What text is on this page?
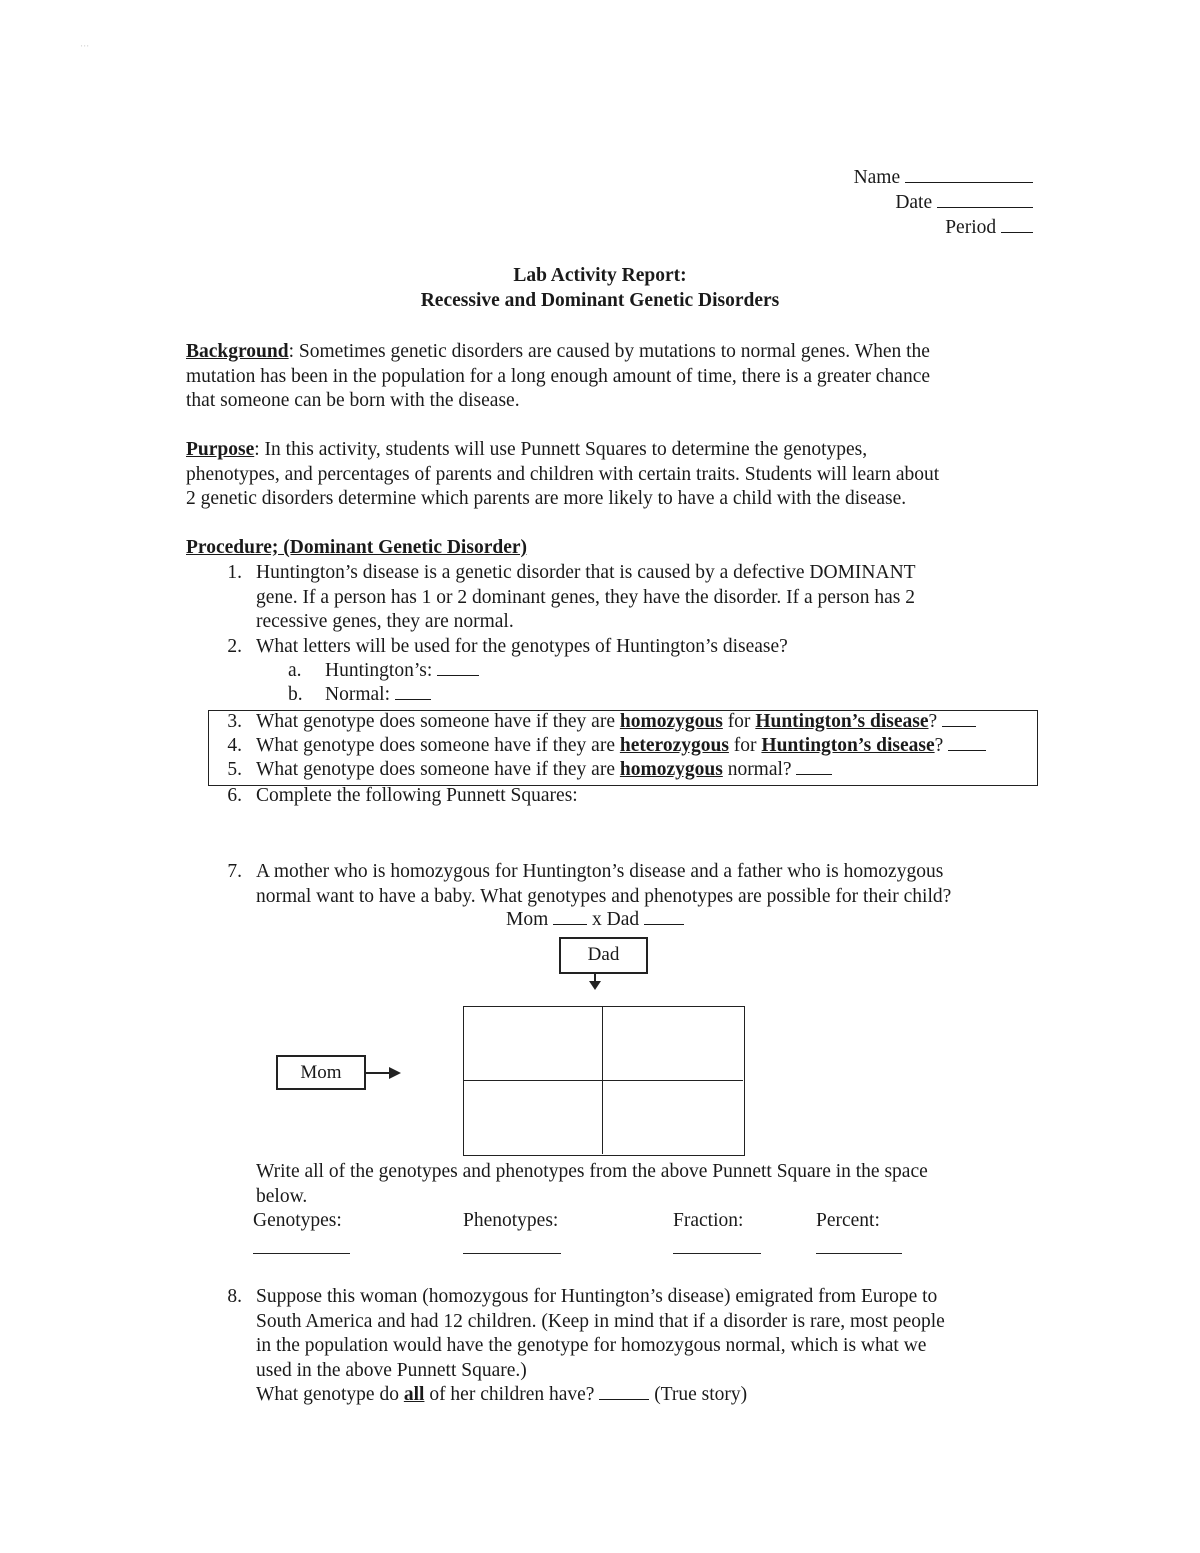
⋅⋅⋅
Name
Date
Period
Lab Activity Report:
Recessive and Dominant Genetic Disorders
Background: Sometimes genetic disorders are caused by mutations to normal genes. When the
mutation has been in the population for a long enough amount of time, there is a greater chance
that someone can be born with the disease.
Purpose: In this activity, students will use Punnett Squares to determine the genotypes,
phenotypes, and percentages of parents and children with certain traits. Students will learn about
2 genetic disorders determine which parents are more likely to have a child with the disease.
Procedure; (Dominant Genetic Disorder)
1. Huntington’s disease is a genetic disorder that is caused by a defective DOMINANT
gene. If a person has 1 or 2 dominant genes, they have the disorder. If a person has 2
recessive genes, they are normal.
2. What letters will be used for the genotypes of Huntington’s disease?
a.	Huntington’s:
b. Normal:
3. What genotype does someone have if they are homozygous for Huntington’s disease?
4. What genotype does someone have if they are heterozygous for Huntington’s disease?
5. What genotype does someone have if they are homozygous normal?
6. Complete the following Punnett Squares:
7. A mother who is homozygous for Huntington’s disease and a father who is homozygous
normal want to have a baby. What genotypes and phenotypes are possible for their child?
Mom x Dad
Dad
Mom
Write all of the genotypes and phenotypes from the above Punnett Square in the space
below.
Genotypes:	Phenotypes:	Fraction:	Percent:
8. Suppose this woman (homozygous for Huntington’s disease) emigrated from Europe to
South America and had 12 children. (Keep in mind that if a disorder is rare, most people
in the population would have the genotype for homozygous normal, which is what we
used in the above Punnett Square.)
What genotype do all of her children have?	(True story)
